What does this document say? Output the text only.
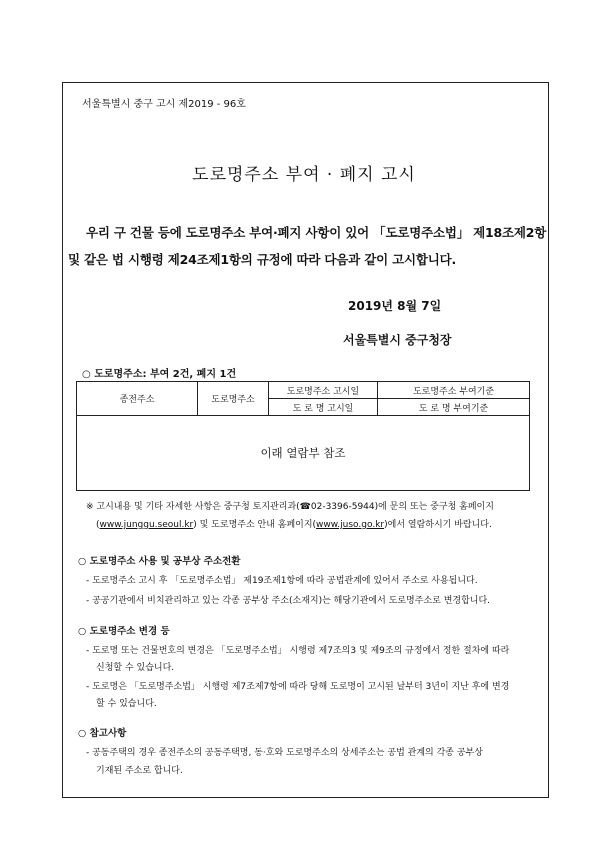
서울특별시 중구 고시 제2019 - 96호
도로명주소 부여 · 폐지 고시
우리 구 건물 등에 도로명주소 부여·폐지 사항이 있어 「도로명주소법」 제18조제2항
및 같은 법 시행령 제24조제1항의 규정에 따라 다음과 같이 고시합니다.
2019년 8월 7일
서울특별시 중구청장
○ 도로명주소: 부여 2건, 폐지 1건
종전주소	도로명주소	도로명주소 고시일	도로명주소 부여기준
		도 로 명 고시일	도 로 명 부여기준
이래 열람부 참조			
※ 고시내용 및 기타 자세한 사항은 중구청 토지관리과(☎02-3396-5944)에 문의 또는 중구청 홈페이지
(www.junggu.seoul.kr) 및 도로명주소 안내 홈페이지(www.juso.go.kr)에서 열람하시기 바랍니다.
○ 도로명주소 사용 및 공부상 주소전환
- 도로명주소 고시 후 「도로명주소법」 제19조제1항에 따라 공법관계에 있어서 주소로 사용됩니다.
- 공공기관에서 비치관리하고 있는 각종 공부상 주소(소재지)는 해당기관에서 도로명주소로 변경합니다.
○ 도로명주소 변경 등
- 도로명 또는 건물번호의 변경은 「도로명주소법」 시행령 제7조의3 및 제9조의 규정에서 정한 절차에 따라
신청할 수 있습니다.
- 도로명은 「도로명주소법」 시행령 제7조제7항에 따라 당해 도로명이 고시된 날부터 3년이 지난 후에 변경
할 수 있습니다.
○ 참고사항
- 공동주택의 경우 종전주소의 공동주택명, 동·호와 도로명주소의 상세주소는 공법 관계의 각종 공부상
기재된 주소로 합니다.
